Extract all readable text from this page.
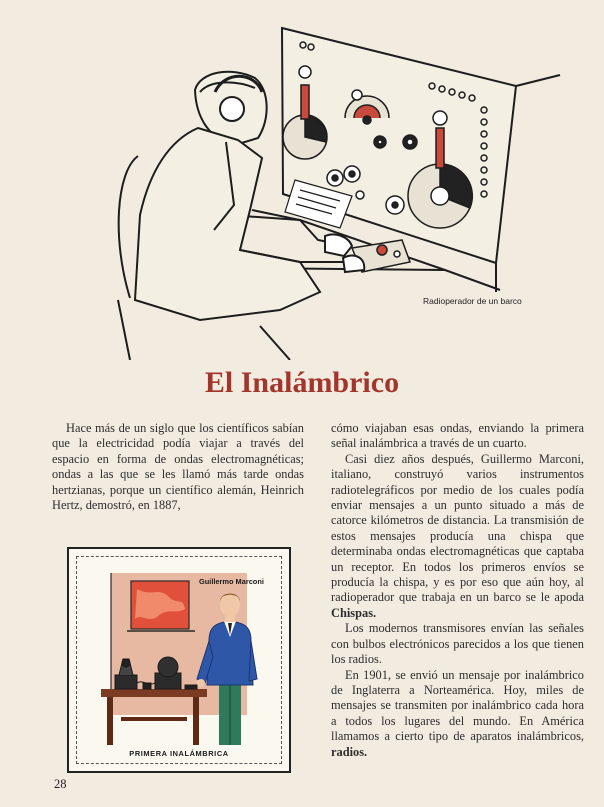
Radioperador de un barco
El Inalámbrico

Hace más de un siglo que los científicos sabían que la electricidad podía viajar a través del espacio en forma de ondas electromagnéticas; ondas a las que se les llamó más tarde ondas hertzianas, porque un científico alemán, Heinrich Hertz, demostró, en 1887,

cómo viajaban esas ondas, enviando la primera señal inalámbrica a través de un cuarto.

Casi diez años después, Guillermo Marconi, italiano, construyó varios instrumentos radiotelegráficos por medio de los cuales podía enviar mensajes a un punto situado a más de catorce kilómetros de distancia. La transmisión de estos mensajes producía una chispa que determinaba ondas electromagnéticas que captaba un receptor. En todos los primeros envíos se producía la chispa, y es por eso que aún hoy, al radioperador que trabaja en un barco se le apoda Chispas.

Los modernos transmisores envían las señales con bulbos electrónicos parecidos a los que tienen los radios.

En 1901, se envió un mensaje por inalámbrico de Inglaterra a Norteamérica. Hoy, miles de mensajes se transmiten por inalámbrico cada hora a todos los lugares del mundo. En América llamamos a cierto tipo de aparatos inalámbricos, radios.

Guillermo Marconi
PRIMERA INALÁMBRICA
28
